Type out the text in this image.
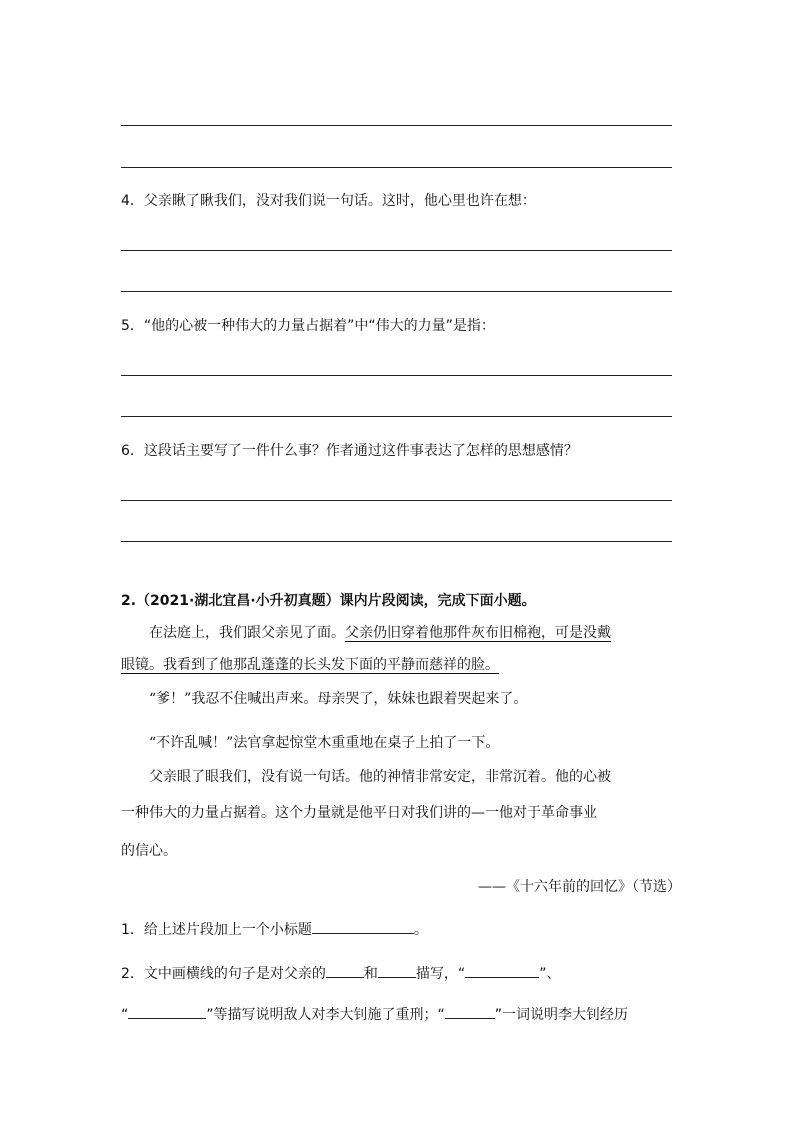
4．父亲瞅了瞅我们，没对我们说一句话。这时，他心里也许在想：
5．“他的心被一种伟大的力量占据着”中“伟大的力量”是指：
6．这段话主要写了一件什么事？作者通过这件事表达了怎样的思想感情？
2.（2021·湖北宜昌·小升初真题）课内片段阅读，完成下面小题。
在法庭上，我们跟父亲见了面。父亲仍旧穿着他那件灰布旧棉袍，可是没戴
眼镜。我看到了他那乱蓬蓬的长头发下面的平静而慈祥的脸。
“爹！”我忍不住喊出声来。母亲哭了，妹妹也跟着哭起来了。
“不许乱喊！”法官拿起惊堂木重重地在桌子上拍了一下。
父亲眼了眼我们，没有说一句话。他的神情非常安定，非常沉着。他的心被
一种伟大的力量占据着。这个力量就是他平日对我们讲的—一他对于革命事业
的信心。
——《十六年前的回忆》（节选）
1．给上述片段加上一个小标题	。
2．文中画横线的句子是对父亲的	和	描写，“	”、
“	”等描写说明敌人对李大钊施了重刑；“	”一词说明李大钊经历
